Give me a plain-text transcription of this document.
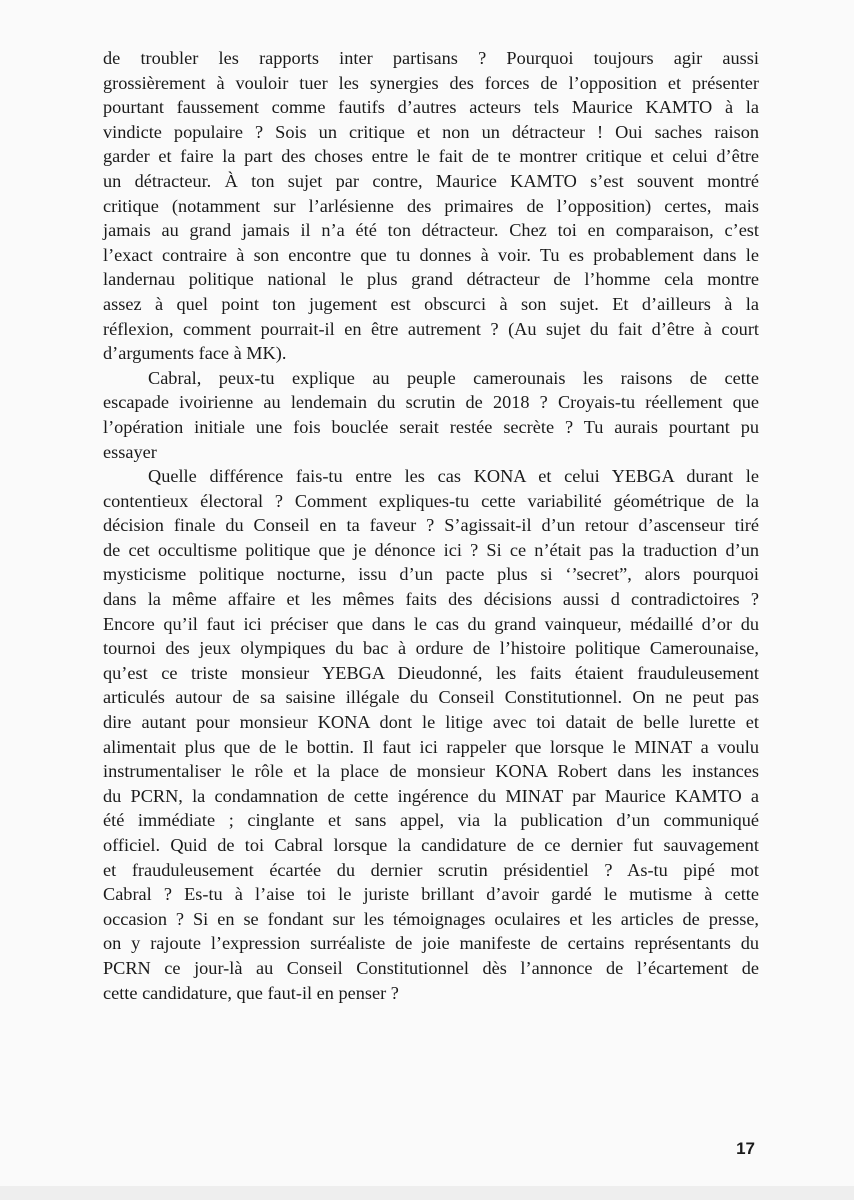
de troubler les rapports inter partisans ? Pourquoi toujours agir aussi
grossièrement à vouloir tuer les synergies des forces de l’opposition et présenter
pourtant faussement comme fautifs d’autres acteurs tels Maurice KAMTO à la
vindicte populaire ? Sois un critique et non un détracteur ! Oui saches raison
garder et faire la part des choses entre le fait de te montrer critique et celui d’être
un détracteur. À ton sujet par contre, Maurice KAMTO s’est souvent montré
critique (notamment sur l’arlésienne des primaires de l’opposition) certes, mais
jamais au grand jamais il n’a été ton détracteur. Chez toi en comparaison, c’est
l’exact contraire à son encontre que tu donnes à voir. Tu es probablement dans le
landernau politique national le plus grand détracteur de l’homme cela montre
assez à quel point ton jugement est obscurci à son sujet. Et d’ailleurs à la
réflexion, comment pourrait-il en être autrement ? (Au sujet du fait d’être à court
d’arguments face à MK).
Cabral, peux-tu explique au peuple camerounais les raisons de cette
escapade ivoirienne au lendemain du scrutin de 2018 ? Croyais-tu réellement que
l’opération initiale une fois bouclée serait restée secrète ? Tu aurais pourtant pu
essayer
Quelle différence fais-tu entre les cas KONA et celui YEBGA durant le
contentieux électoral ? Comment expliques-tu cette variabilité géométrique de la
décision finale du Conseil en ta faveur ? S’agissait-il d’un retour d’ascenseur tiré
de cet occultisme politique que je dénonce ici ? Si ce n’était pas la traduction d’un
mysticisme politique nocturne, issu d’un pacte plus si ‘’secret”, alors pourquoi
dans la même affaire et les mêmes faits des décisions aussi d contradictoires ?
Encore qu’il faut ici préciser que dans le cas du grand vainqueur, médaillé d’or du
tournoi des jeux olympiques du bac à ordure de l’histoire politique Camerounaise,
qu’est ce triste monsieur YEBGA Dieudonné, les faits étaient frauduleusement
articulés autour de sa saisine illégale du Conseil Constitutionnel. On ne peut pas
dire autant pour monsieur KONA dont le litige avec toi datait de belle lurette et
alimentait plus que de le bottin. Il faut ici rappeler que lorsque le MINAT a voulu
instrumentaliser le rôle et la place de monsieur KONA Robert dans les instances
du PCRN, la condamnation de cette ingérence du MINAT par Maurice KAMTO a
été immédiate ; cinglante et sans appel, via la publication d’un communiqué
officiel. Quid de toi Cabral lorsque la candidature de ce dernier fut sauvagement
et frauduleusement écartée du dernier scrutin présidentiel ? As-tu pipé mot
Cabral ? Es-tu à l’aise toi le juriste brillant d’avoir gardé le mutisme à cette
occasion ? Si en se fondant sur les témoignages oculaires et les articles de presse,
on y rajoute l’expression surréaliste de joie manifeste de certains représentants du
PCRN ce jour-là au Conseil Constitutionnel dès l’annonce de l’écartement de
cette candidature, que faut-il en penser ?
17
